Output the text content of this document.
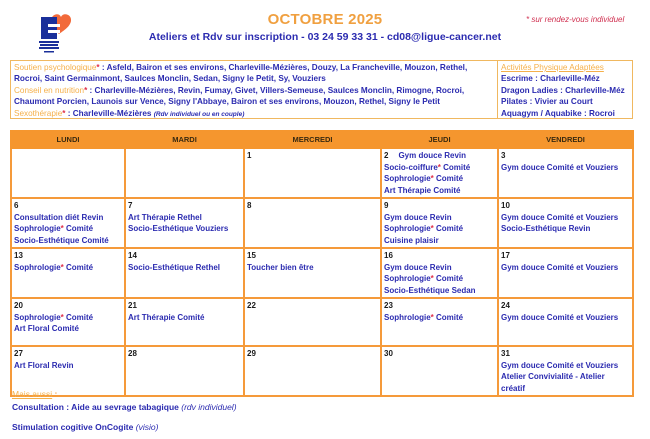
OCTOBRE 2025
Ateliers et Rdv sur inscription - 03 24 59 33 31 - cd08@ligue-cancer.net
* sur rendez-vous individuel
Soutien psychologique* : Asfeld, Bairon et ses environs, Charleville-Mézières, Douzy, La Francheville, Mouzon, Rethel, Rocroi, Saint Germainmont, Saulces Monclin, Sedan, Signy le Petit, Sy, Vouziers
Conseil en nutrition* : Charleville-Mézières, Revin, Fumay, Givet, Villers-Semeuse, Saulces Monclin, Rimogne, Rocroi, Chaumont Porcien, Launois sur Vence, Signy l'Abbaye, Bairon et ses environs, Mouzon, Rethel, Signy le Petit
Sexothérapie* : Charleville-Mézières (Rdv individuel ou en couple)
Activités Physique Adaptées
Escrime : Charleville-Méz
Dragon Ladies : Charleville-Méz
Pilates : Vivier au Court
Aquagym / Aquabike : Rocroi
LUNDI	MARDI	MERCREDI	JEUDI	VENDREDI
		1	2 Gym douce Revin

Socio-coiffure* Comité
Sophrologie* Comité
Art Thérapie Comité	3
Gym douce Comité et Vouziers

6
Consultation diét Revin
Sophrologie* Comité
Socio-Esthétique Comité	7
Art Thérapie Rethel
Socio-Esthétique Vouziers	8	9
Gym douce Revin
Sophrologie* Comité
Cuisine plaisir	10
Gym douce Comité et Vouziers
Socio-Esthétique Revin

13
Sophrologie* Comité	14
Socio-Esthétique Rethel	15
Toucher bien être	16
Gym douce Revin
Sophrologie* Comité
Socio-Esthétique Sedan	17
Gym douce Comité et Vouziers

20
Sophrologie* Comité
Art Floral Comité	21
Art Thérapie Comité	22	23
Sophrologie* Comité	24
Gym douce Comité et Vouziers

27
Art Floral Revin	28	29	30	31
Gym douce Comité et Vouziers
Atelier Convivialité - Atelier créatif
Mais aussi :
Consultation : Aide au sevrage tabagique (rdv individuel)
Stimulation cogitive OnCogite (visio)
